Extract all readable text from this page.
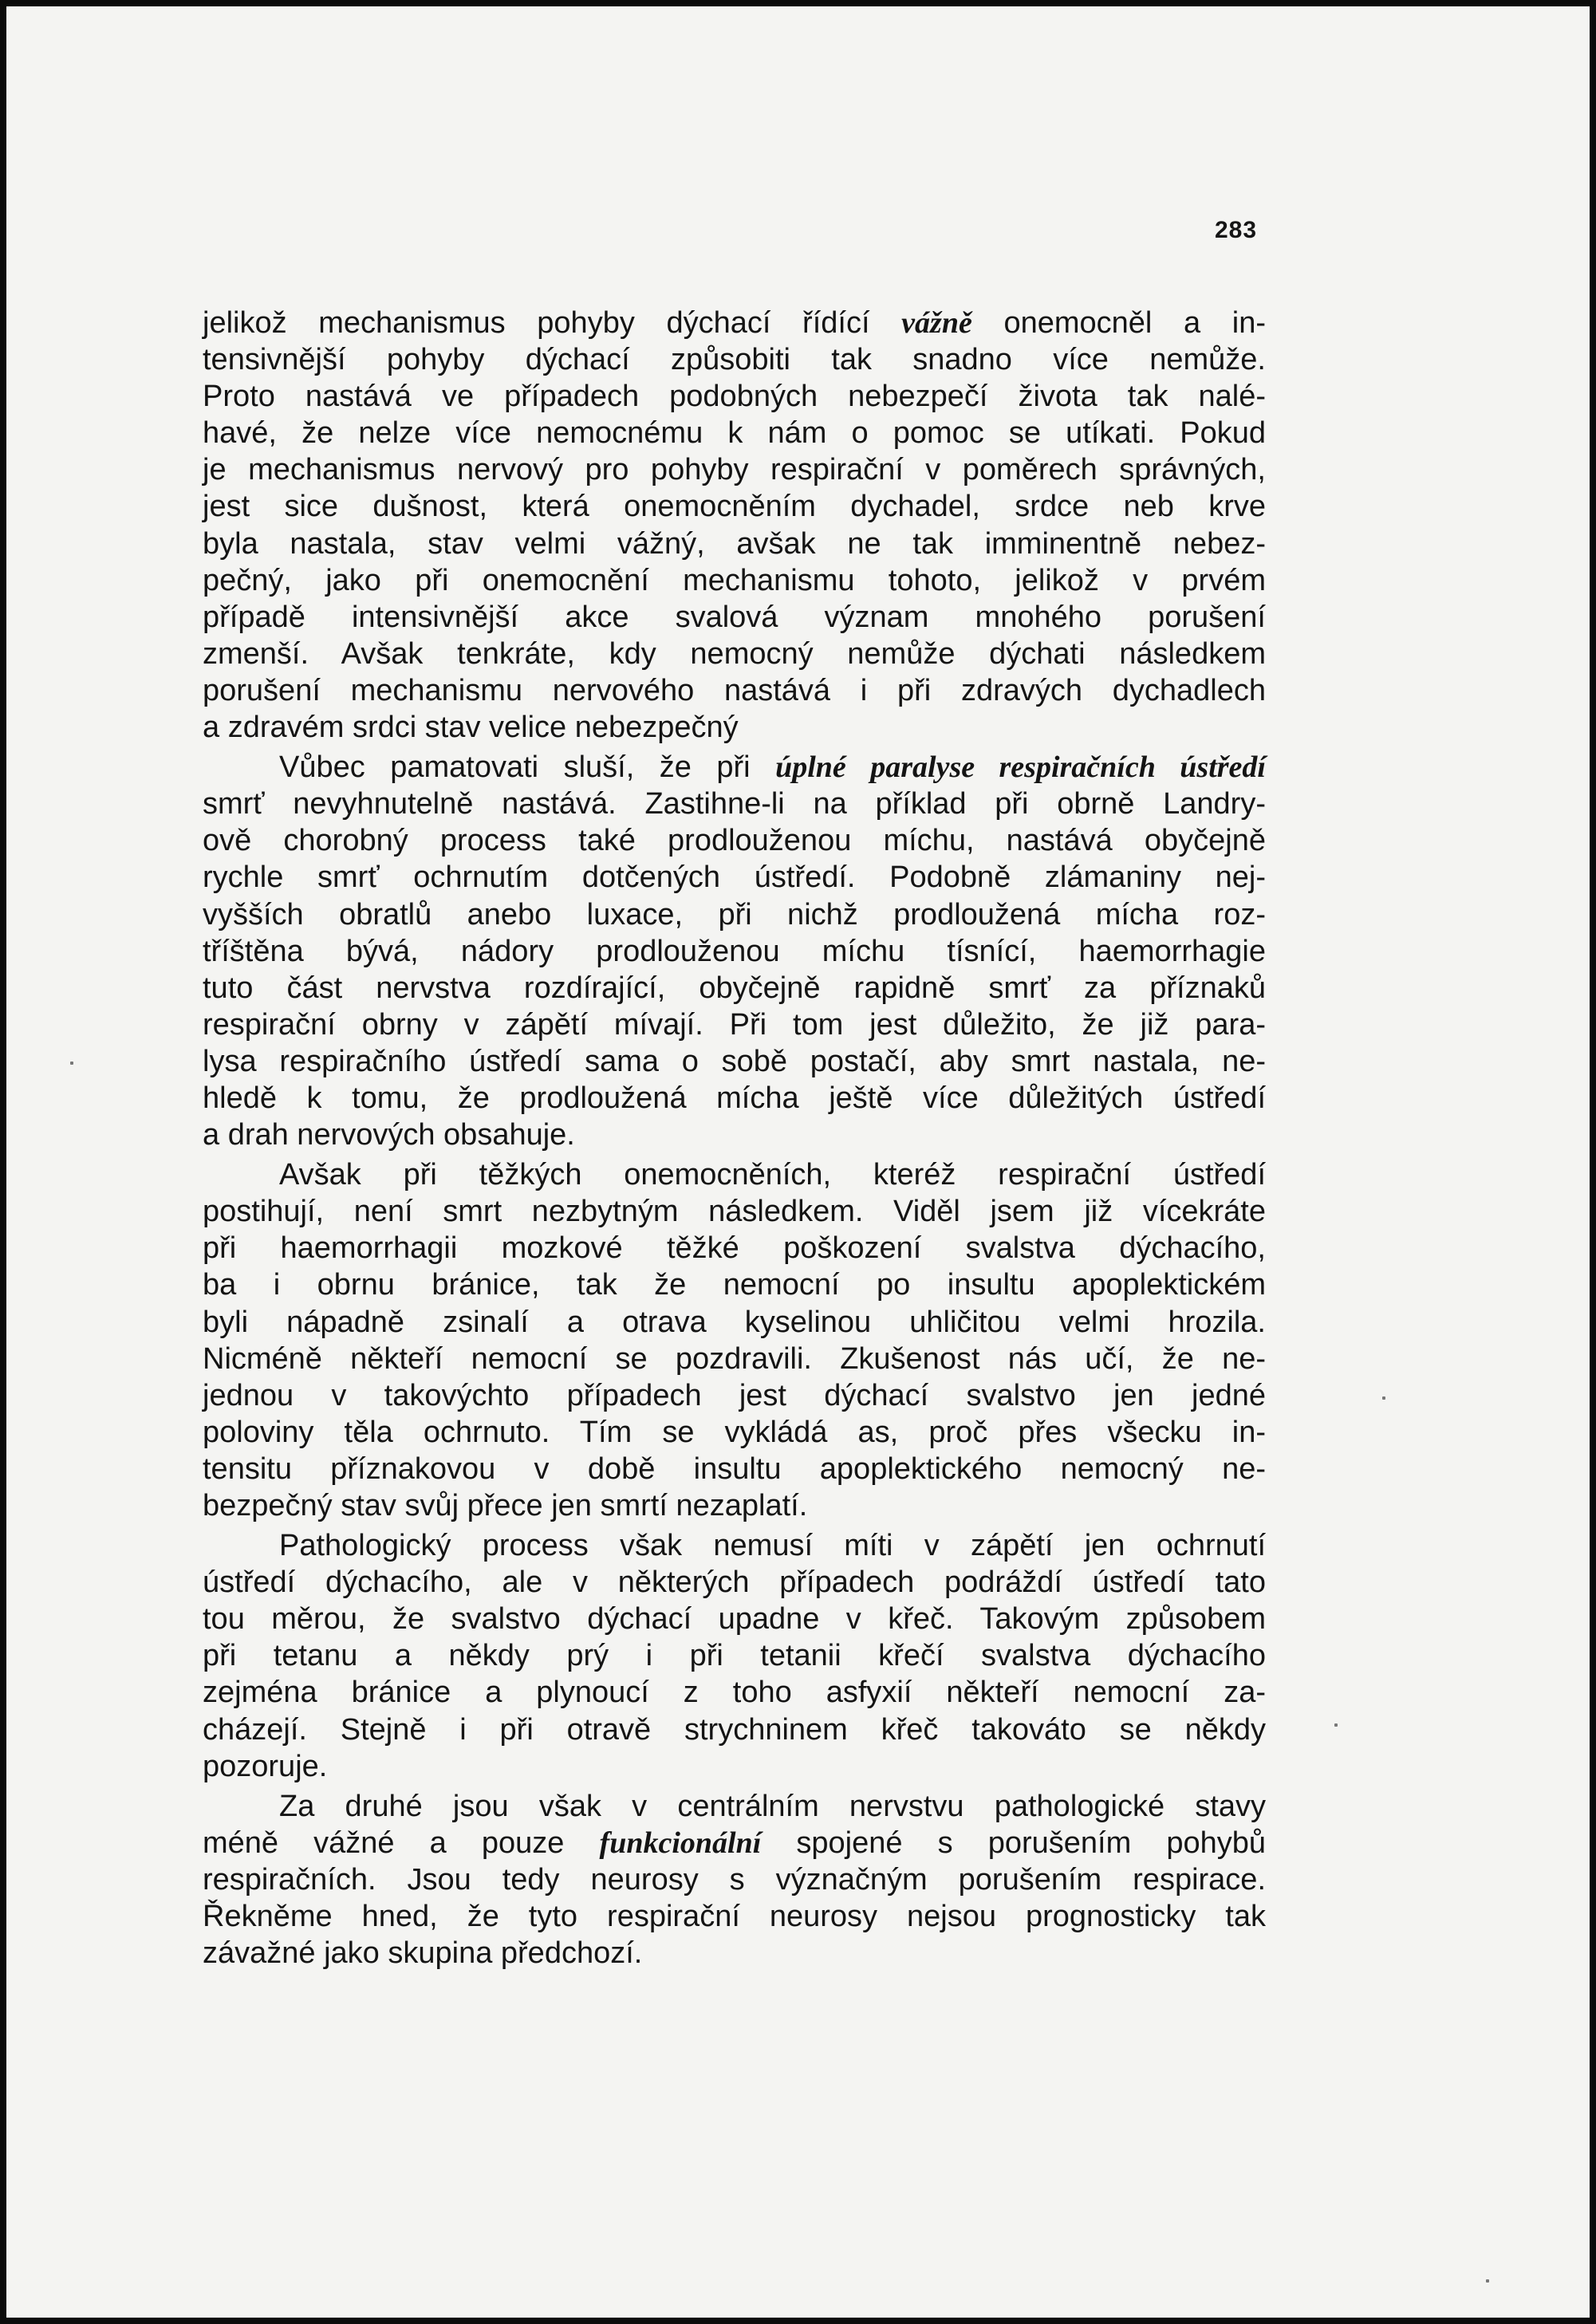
283
jelikož mechanismus pohyby dýchací řídící vážně onemocněl a in-
tensivnější pohyby dýchací způsobiti tak snadno více nemůže.
Proto nastává ve případech podobných nebezpečí života tak nalé-
havé, že nelze více nemocnému k nám o pomoc se utíkati. Pokud
je mechanismus nervový pro pohyby respirační v poměrech správných,
jest sice dušnost, která onemocněním dychadel, srdce neb krve
byla nastala, stav velmi vážný, avšak ne tak imminentně nebez-
pečný, jako při onemocnění mechanismu tohoto, jelikož v prvém
případě intensivnější akce svalová význam mnohého porušení
zmenší. Avšak tenkráte, kdy nemocný nemůže dýchati následkem
porušení mechanismu nervového nastává i při zdravých dychadlech
a zdravém srdci stav velice nebezpečný
Vůbec pamatovati sluší, že při úplné paralyse respiračních ústředí
smrť nevyhnutelně nastává. Zastihne-li na příklad při obrně Landry-
ově chorobný process také prodlouženou míchu, nastává obyčejně
rychle smrť ochrnutím dotčených ústředí. Podobně zlámaniny nej-
vyšších obratlů anebo luxace, při nichž prodloužená mícha roz-
tříštěna bývá, nádory prodlouženou míchu tísnící, haemorrhagie
tuto část nervstva rozdírající, obyčejně rapidně smrť za příznaků
respirační obrny v zápětí mívají. Při tom jest důležito, že již para-
lysa respiračního ústředí sama o sobě postačí, aby smrt nastala, ne-
hledě k tomu, že prodloužená mícha ještě více důležitých ústředí
a drah nervových obsahuje.
Avšak při těžkých onemocněních, kteréž respirační ústředí
postihují, není smrt nezbytným následkem. Viděl jsem již vícekráte
při haemorrhagii mozkové těžké poškození svalstva dýchacího,
ba i obrnu bránice, tak že nemocní po insultu apoplektickém
byli nápadně zsinalí a otrava kyselinou uhličitou velmi hrozila.
Nicméně někteří nemocní se pozdravili. Zkušenost nás učí, že ne-
jednou v takovýchto případech jest dýchací svalstvo jen jedné
poloviny těla ochrnuto. Tím se vykládá as, proč přes všecku in-
tensitu příznakovou v době insultu apoplektického nemocný ne-
bezpečný stav svůj přece jen smrtí nezaplatí.
Pathologický process však nemusí míti v zápětí jen ochrnutí
ústředí dýchacího, ale v některých případech podráždí ústředí tato
tou měrou, že svalstvo dýchací upadne v křeč. Takovým způsobem
při tetanu a někdy prý i při tetanii křečí svalstva dýchacího
zejména bránice a plynoucí z toho asfyxií někteří nemocní za-
cházejí. Stejně i při otravě strychninem křeč takováto se někdy
pozoruje.
Za druhé jsou však v centrálním nervstvu pathologické stavy
méně vážné a pouze funkcionální spojené s porušením pohybů
respiračních. Jsou tedy neurosy s význačným porušením respirace.
Řekněme hned, že tyto respirační neurosy nejsou prognosticky tak
závažné jako skupina předchozí.
